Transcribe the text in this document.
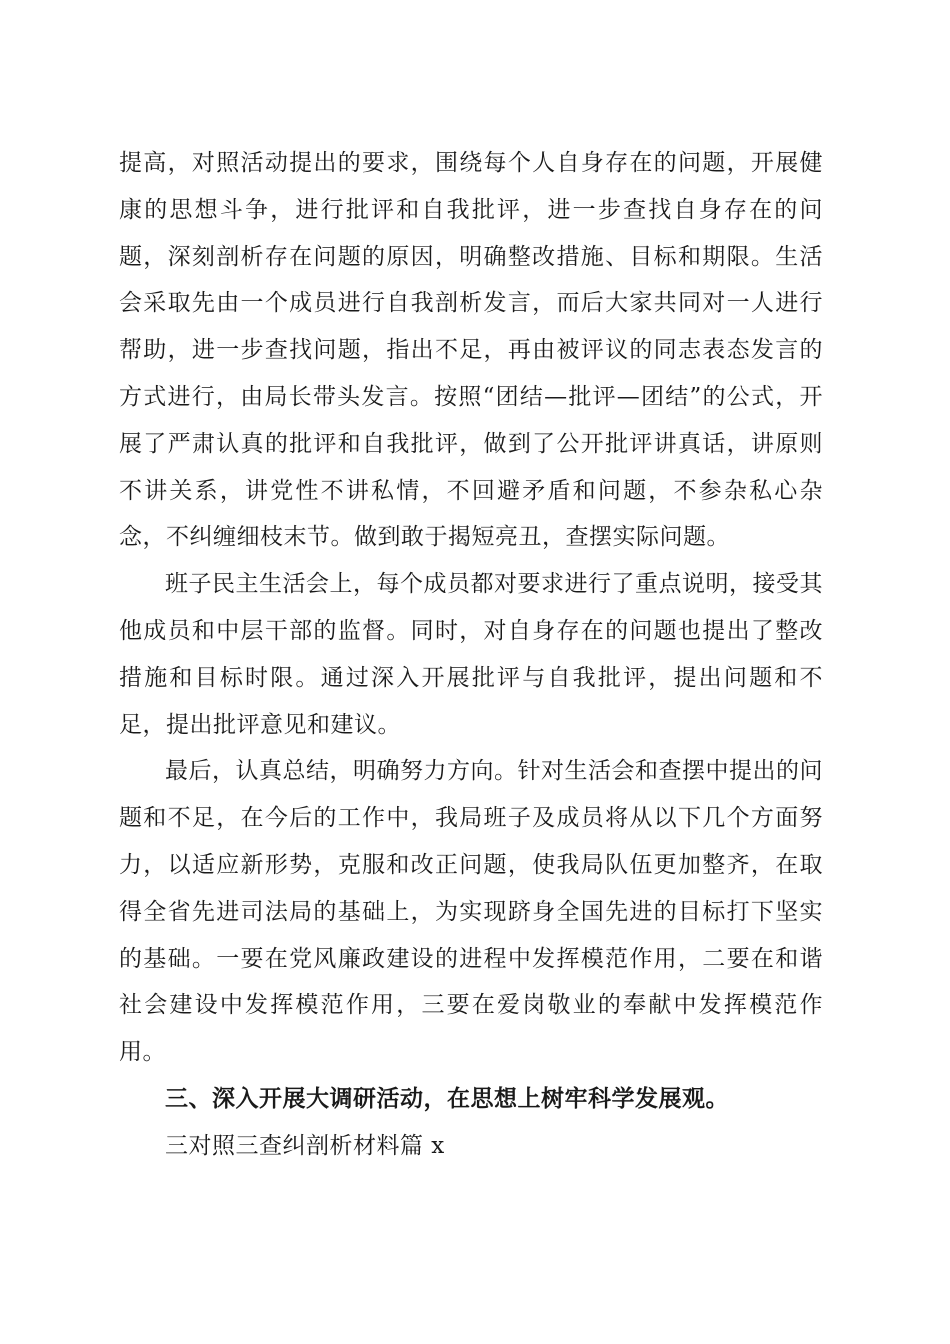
提高，对照活动提出的要求，围绕每个人自身存在的问题，开展健康的思想斗争，进行批评和自我批评，进一步查找自身存在的问题，深刻剖析存在问题的原因，明确整改措施、目标和期限。生活会采取先由一个成员进行自我剖析发言，而后大家共同对一人进行帮助，进一步查找问题，指出不足，再由被评议的同志表态发言的方式进行，由局长带头发言。按照“团结—批评—团结”的公式，开展了严肃认真的批评和自我批评，做到了公开批评讲真话，讲原则不讲关系，讲党性不讲私情，不回避矛盾和问题，不参杂私心杂念，不纠缠细枝末节。做到敢于揭短亮丑，查摆实际问题。

班子民主生活会上，每个成员都对要求进行了重点说明，接受其他成员和中层干部的监督。同时，对自身存在的问题也提出了整改措施和目标时限。通过深入开展批评与自我批评，提出问题和不足，提出批评意见和建议。

最后，认真总结，明确努力方向。针对生活会和查摆中提出的问题和不足，在今后的工作中，我局班子及成员将从以下几个方面努力，以适应新形势，克服和改正问题，使我局队伍更加整齐，在取得全省先进司法局的基础上，为实现跻身全国先进的目标打下坚实的基础。一要在党风廉政建设的进程中发挥模范作用，二要在和谐社会建设中发挥模范作用，三要在爱岗敬业的奉献中发挥模范作用。

三、深入开展大调研活动，在思想上树牢科学发展观。

三对照三查纠剖析材料篇 x
